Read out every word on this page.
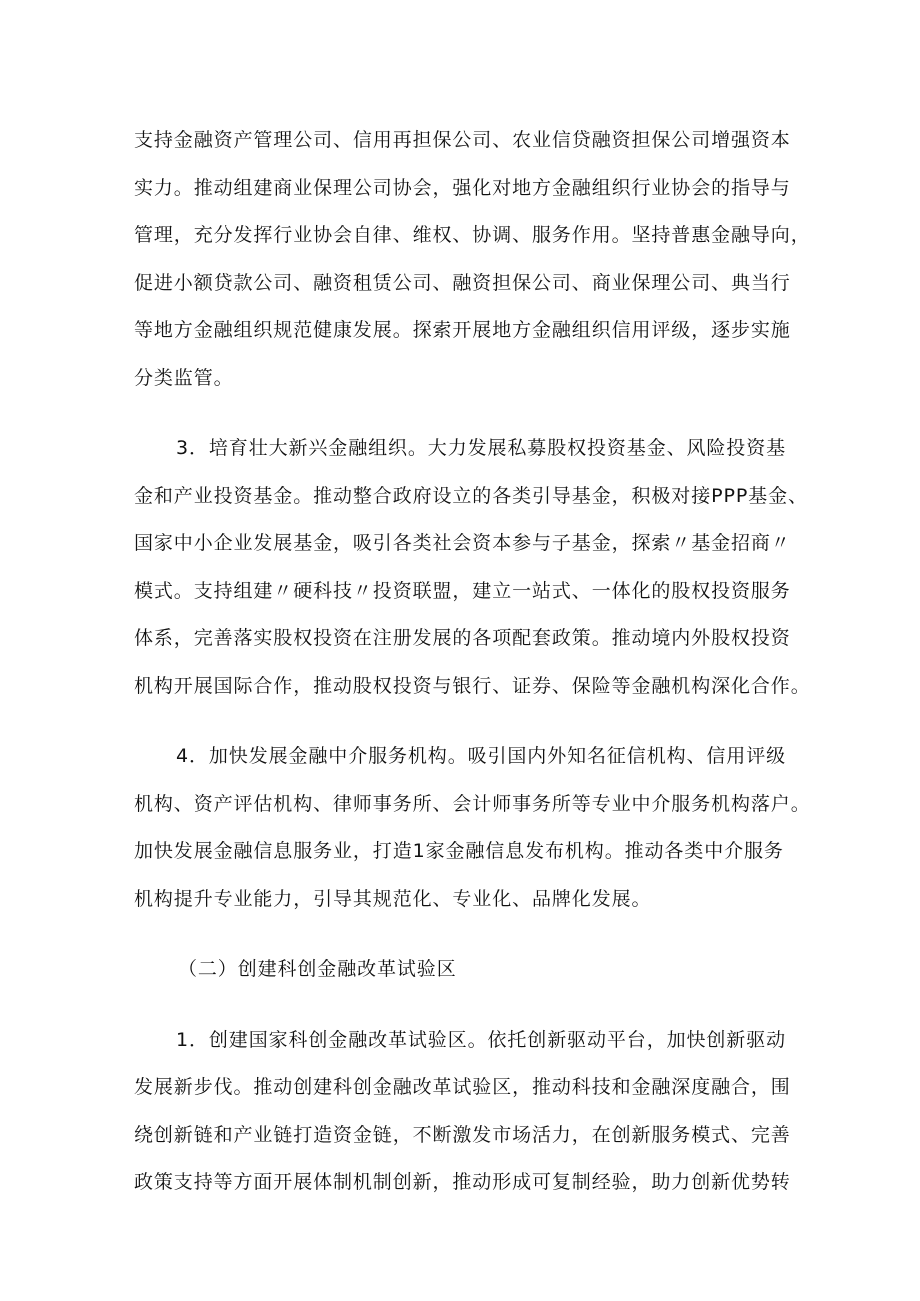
支持金融资产管理公司、信用再担保公司、农业信贷融资担保公司增强资本
实力。推动组建商业保理公司协会，强化对地方金融组织行业协会的指导与
管理，充分发挥行业协会自律、维权、协调、服务作用。坚持普惠金融导向，
促进小额贷款公司、融资租赁公司、融资担保公司、商业保理公司、典当行
等地方金融组织规范健康发展。探索开展地方金融组织信用评级，逐步实施
分类监管。
3．培育壮大新兴金融组织。大力发展私募股权投资基金、风险投资基
金和产业投资基金。推动整合政府设立的各类引导基金，积极对接PPP基金、
国家中小企业发展基金，吸引各类社会资本参与子基金，探索〃基金招商〃
模式。支持组建〃硬科技〃投资联盟，建立一站式、一体化的股权投资服务
体系，完善落实股权投资在注册发展的各项配套政策。推动境内外股权投资
机构开展国际合作，推动股权投资与银行、证券、保险等金融机构深化合作。
4．加快发展金融中介服务机构。吸引国内外知名征信机构、信用评级
机构、资产评估机构、律师事务所、会计师事务所等专业中介服务机构落户。
加快发展金融信息服务业，打造1家金融信息发布机构。推动各类中介服务
机构提升专业能力，引导其规范化、专业化、品牌化发展。
（二）创建科创金融改革试验区
1．创建国家科创金融改革试验区。依托创新驱动平台，加快创新驱动
发展新步伐。推动创建科创金融改革试验区，推动科技和金融深度融合，围
绕创新链和产业链打造资金链，不断激发市场活力，在创新服务模式、完善
政策支持等方面开展体制机制创新，推动形成可复制经验，助力创新优势转
